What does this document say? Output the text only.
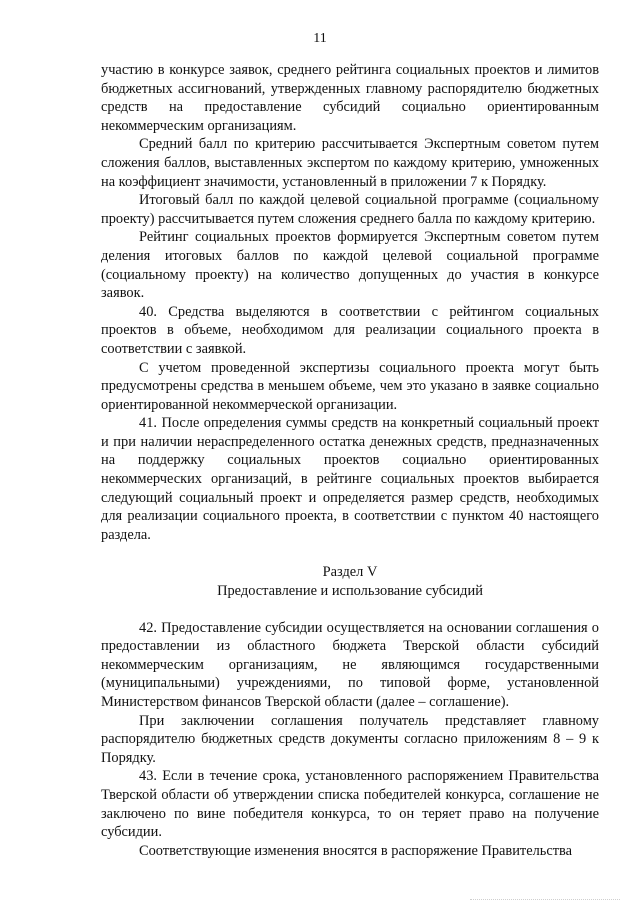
11

участию в конкурсе заявок, среднего рейтинга социальных проектов и лимитов бюджетных ассигнований, утвержденных главному распорядителю бюджетных средств на предоставление субсидий социально ориентированным некоммерческим организациям.

Средний балл по критерию рассчитывается Экспертным советом путем сложения баллов, выставленных экспертом по каждому критерию, умноженных на коэффициент значимости, установленный в приложении 7 к Порядку.

Итоговый балл по каждой целевой социальной программе (социальному проекту) рассчитывается путем сложения среднего балла по каждому критерию.

Рейтинг социальных проектов формируется Экспертным советом путем деления итоговых баллов по каждой целевой социальной программе (социальному проекту) на количество допущенных до участия в конкурсе заявок.

40. Средства выделяются в соответствии с рейтингом социальных проектов в объеме, необходимом для реализации социального проекта в соответствии с заявкой.

С учетом проведенной экспертизы социального проекта могут быть предусмотрены средства в меньшем объеме, чем это указано в заявке социально ориентированной некоммерческой организации.

41. После определения суммы средств на конкретный социальный проект и при наличии нераспределенного остатка денежных средств, предназначенных на поддержку социальных проектов социально ориентированных некоммерческих организаций, в рейтинге социальных проектов выбирается следующий социальный проект и определяется размер средств, необходимых для реализации социального проекта, в соответствии с пунктом 40 настоящего раздела.

Раздел V
Предоставление и использование субсидий

42. Предоставление субсидии осуществляется на основании соглашения о предоставлении из областного бюджета Тверской области субсидий некоммерческим организациям, не являющимся государственными (муниципальными) учреждениями, по типовой форме, установленной Министерством финансов Тверской области (далее – соглашение).

При заключении соглашения получатель представляет главному распорядителю бюджетных средств документы согласно приложениям 8 – 9 к Порядку.

43. Если в течение срока, установленного распоряжением Правительства Тверской области об утверждении списка победителей конкурса, соглашение не заключено по вине победителя конкурса, то он теряет право на получение субсидии.

Соответствующие изменения вносятся в распоряжение Правительства
